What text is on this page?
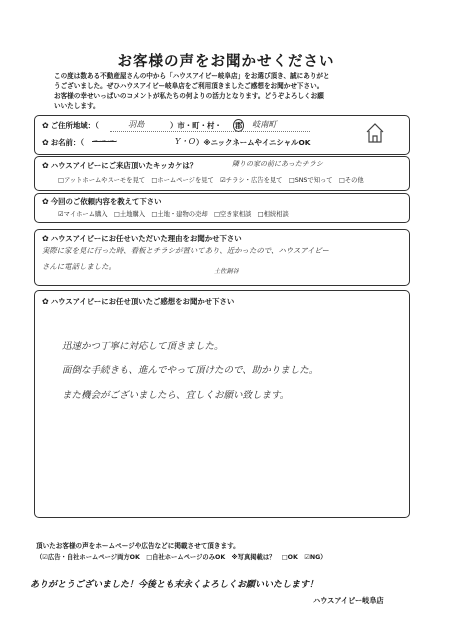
お客様の声をお聞かせください
この度は数ある不動産屋さんの中から「ハウスアイビー岐阜店」をお選び頂き、誠にありがと
うございました。ぜひハウスアイビー岐阜店をご利用頂きましたご感想をお聞かせ下さい。
お客様の幸せいっぱいのコメントが私たちの何よりの活力となります。どうぞよろしくお願
いいたします。
✿ ご住所地域：（	羽島	）市・町・村・ 郡 岐南町
✿ お名前：（ 〜〜〜	Y・O ）※ニックネームやイニシャルOK
✿ ハウスアイビーにご来店頂いたキッカケは？	隣りの家の前にあったチラシ
□アットホームやスーモを見て　□ホームページを見て　☑チラシ・広告を見て　□SNSで知って　□その他
✿ 今回のご依頼内容を教えて下さい
☑マイホーム購入　□土地購入　□土地・建物の売却　□空き家相談　□相続相談
✿ ハウスアイビーにお任せいただいた理由をお聞かせ下さい
実際に家を見に行った時、看板とチラシが置いてあり、近かったので、ハウスアイビー
さんに電話しました。
土佐銅谷
✿ ハウスアイビーにお任せ頂いたご感想をお聞かせ下さい
迅速かつ丁寧に対応して頂きました。
面倒な手続きも、進んでやって頂けたので、助かりました。
また機会がございましたら、宜しくお願い致します。
頂いたお客様の声をホームページや広告などに掲載させて頂きます。
（☑広告・自社ホームページ両方OK　□自社ホームページのみOK　※写真掲載は？　□OK　☑NG）
ありがとうございました！今後とも末永くよろしくお願いいたします！
ハウスアイビー岐阜店
